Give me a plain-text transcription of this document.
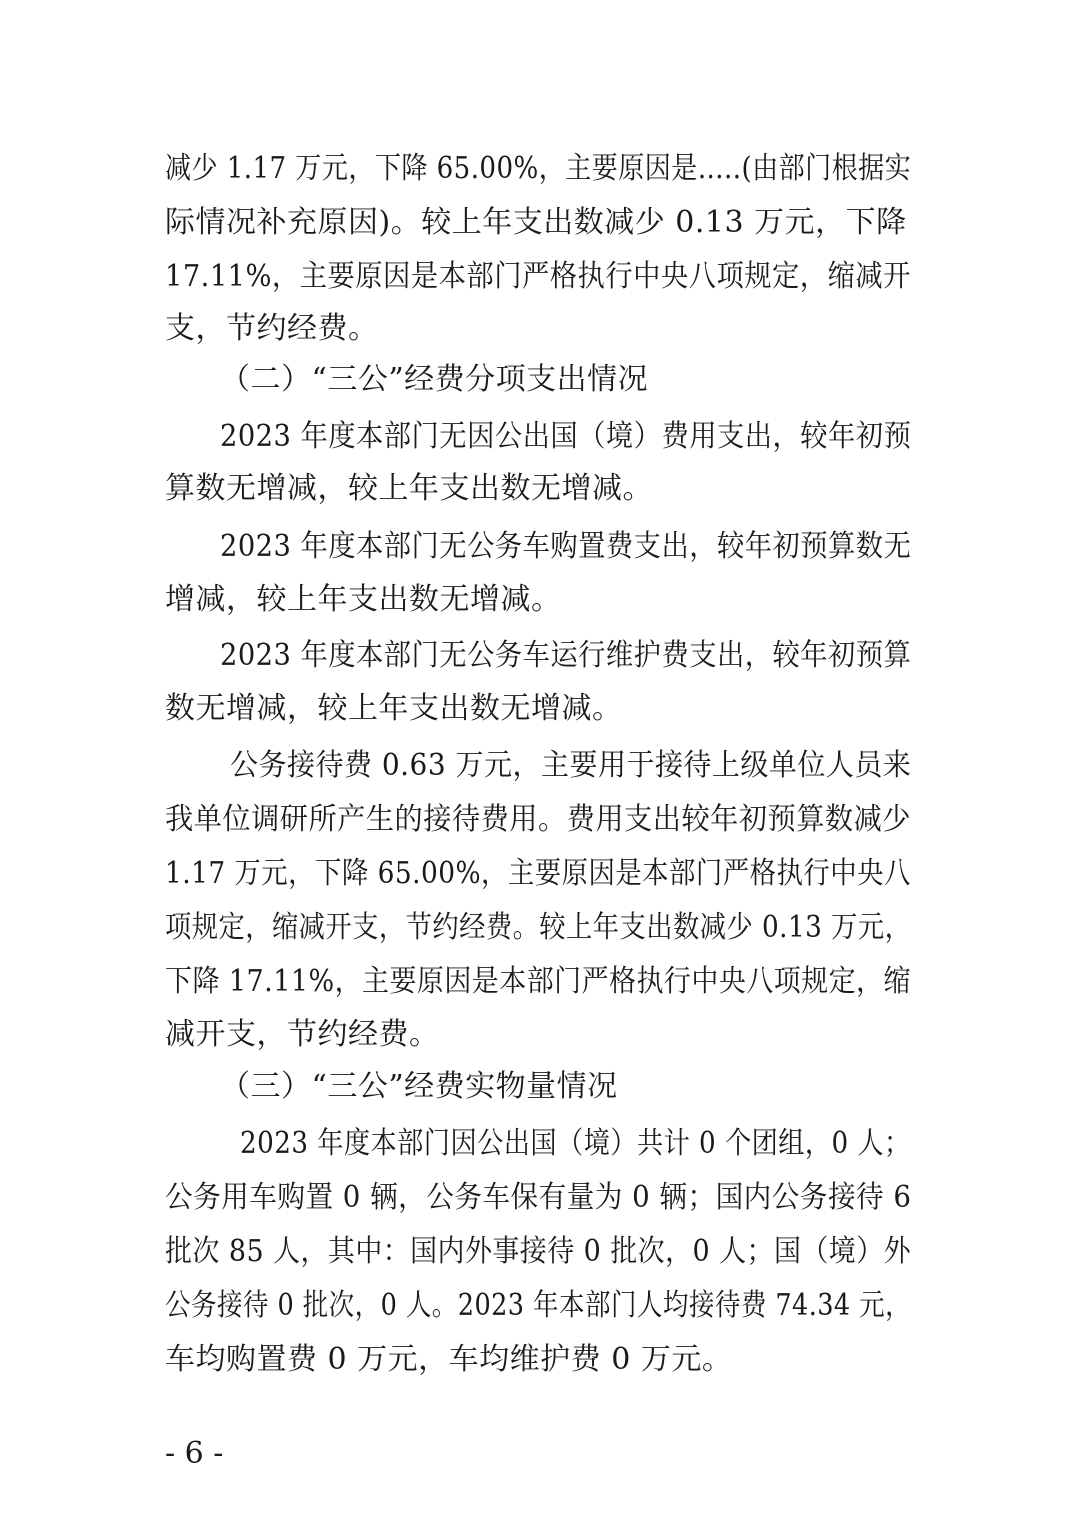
减少 1.17 万元，下降 65.00%，主要原因是.....(由部门根据实

际情况补充原因)。较上年支出数减少 0.13 万元，下降

17.11%，主要原因是本部门严格执行中央八项规定，缩减开

支，节约经费。

（二）“三公”经费分项支出情况

2023 年度本部门无因公出国（境）费用支出，较年初预

算数无增减，较上年支出数无增减。

2023 年度本部门无公务车购置费支出，较年初预算数无

增减，较上年支出数无增减。

2023 年度本部门无公务车运行维护费支出，较年初预算

数无增减，较上年支出数无增减。

公务接待费 0.63 万元，主要用于接待上级单位人员来

我单位调研所产生的接待费用。费用支出较年初预算数减少

1.17 万元，下降 65.00%，主要原因是本部门严格执行中央八

项规定，缩减开支，节约经费。较上年支出数减少 0.13 万元，

下降 17.11%，主要原因是本部门严格执行中央八项规定，缩

减开支，节约经费。

（三）“三公”经费实物量情况

2023 年度本部门因公出国（境）共计 0 个团组，0 人；

公务用车购置 0 辆，公务车保有量为 0 辆；国内公务接待 6

批次 85 人，其中：国内外事接待 0 批次，0 人；国（境）外

公务接待 0 批次，0 人。2023 年本部门人均接待费 74.34 元，

车均购置费 0 万元，车均维护费 0 万元。

- 6 -
